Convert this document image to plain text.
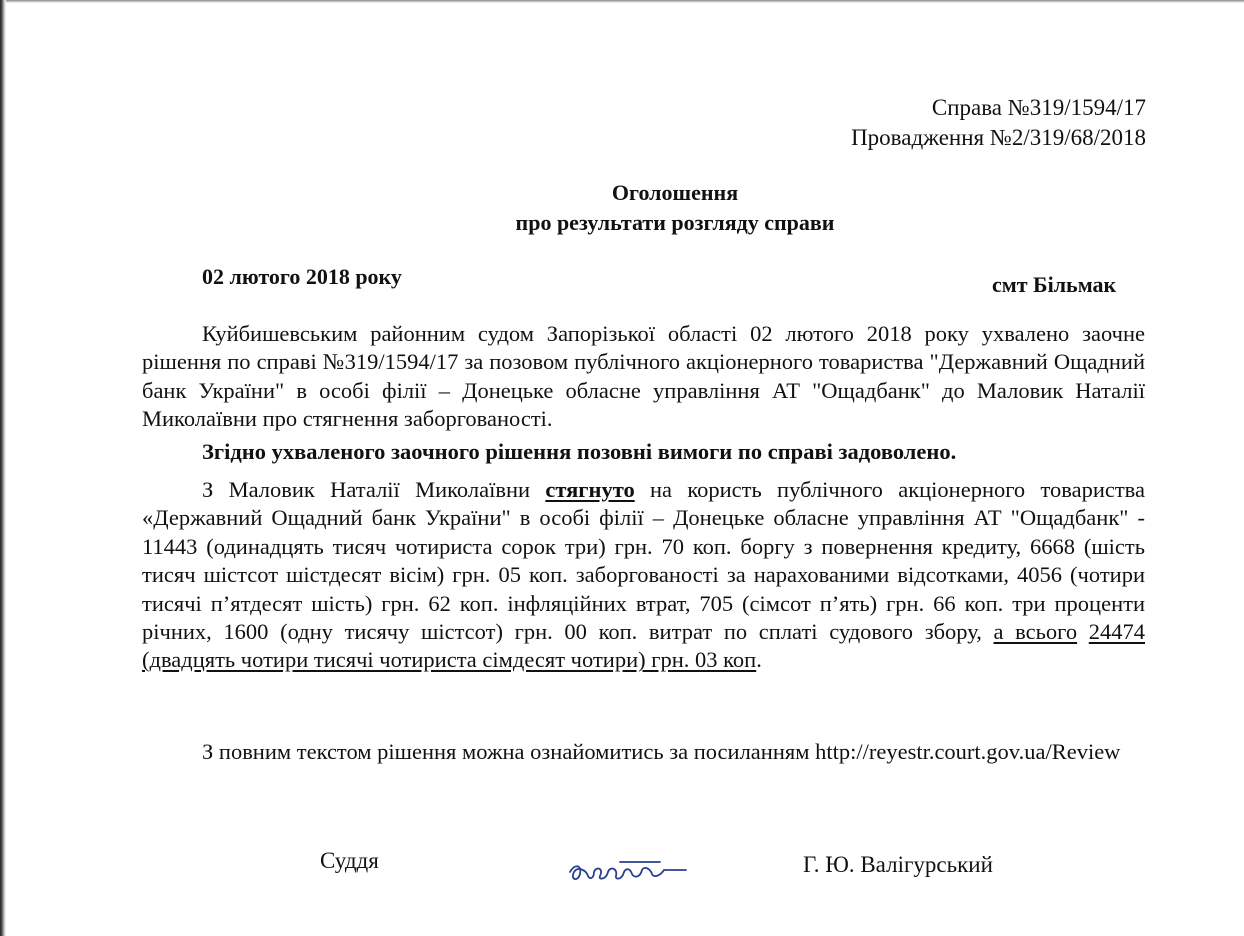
Справа №319/1594/17
Провадження №2/319/68/2018
Оголошення
про результати розгляду справи
02 лютого 2018 року	смт Більмак
Куйбишевським районним судом Запорізької області 02 лютого 2018 року ухвалено заочне рішення по справі №319/1594/17 за позовом публічного акціонерного товариства "Державний Ощадний банк України" в особі філії – Донецьке обласне управління АТ "Ощадбанк" до Маловик Наталії Миколаївни про стягнення заборгованості.
Згідно ухваленого заочного рішення позовні вимоги по справі задоволено.
З Маловик Наталії Миколаївни стягнуто на користь публічного акціонерного товариства «Державний Ощадний банк України" в особі філії – Донецьке обласне управління АТ "Ощадбанк" - 11443 (одинадцять тисяч чотириста сорок три) грн. 70 коп. боргу з повернення кредиту, 6668 (шість тисяч шістсот шістдесят вісім) грн. 05 коп. заборгованості за нарахованими відсотками, 4056 (чотири тисячі п’ятдесят шість) грн. 62 коп. інфляційних втрат, 705 (сімсот п’ять) грн. 66 коп. три проценти річних, 1600 (одну тисячу шістсот) грн. 00 коп. витрат по сплаті судового збору, а всього 24474 (двадцять чотири тисячі чотириста сімдесят чотири) грн. 03 коп.
З повним текстом рішення можна ознайомитись за посиланням http://reyestr.court.gov.ua/Review
Суддя	Г. Ю. Валігурський
